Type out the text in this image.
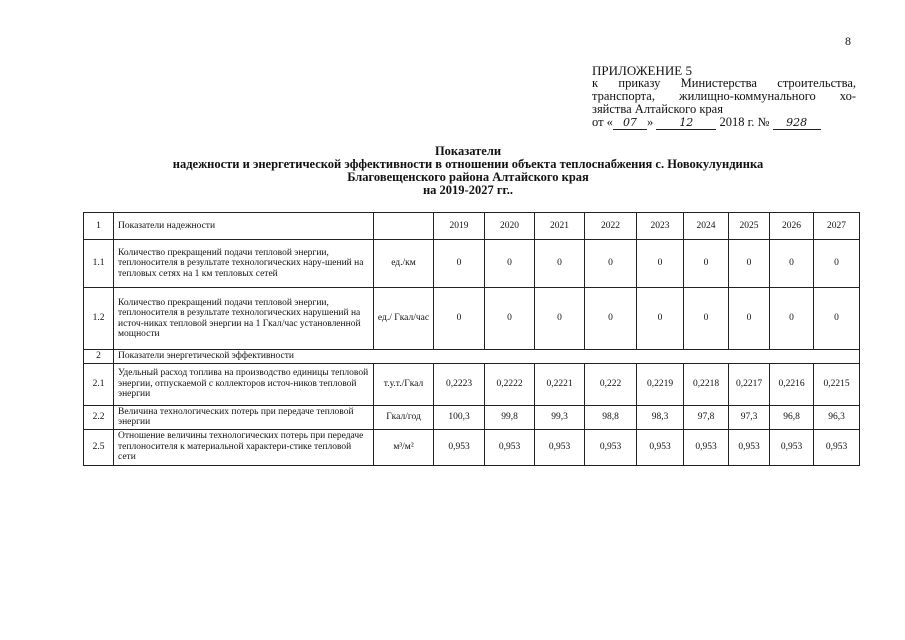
8
ПРИЛОЖЕНИЕ 5
к приказу Министерства строительства,
транспорта, жилищно-коммунального хо-
зяйства Алтайского края
от « 07 » 12 2018 г. № 928
Показатели
надежности и энергетической эффективности в отношении объекта теплоснабжения с. Новокулундинка
Благовещенского района Алтайского края
на 2019-2027 гг..
1	Показатели надежности		2019	2020	2021	2022	2023	2024	2025	2026	2027
1.1	Количество прекращений подачи тепловой энергии, теплоносителя в результате технологических нару-шений на тепловых сетях на 1 км тепловых сетей	ед./км	0	0	0	0	0	0	0	0	0
1.2	Количество прекращений подачи тепловой энергии, теплоносителя в результате технологических нарушений на источ-никах тепловой энергии на 1 Гкал/час установленной мощности	ед./ Гкал/час	0	0	0	0	0	0	0	0	0
2	Показатели энергетической эффективности										
2.1	Удельный расход топлива на производство единицы тепловой энергии, отпускаемой с коллекторов источ-ников тепловой энергии	т.у.т./Гкал	0,2223	0,2222	0,2221	0,222	0,2219	0,2218	0,2217	0,2216	0,2215
2.2	Величина технологических потерь при передаче тепловой энергии	Гкал/год	100,3	99,8	99,3	98,8	98,3	97,8	97,3	96,8	96,3
2.5	Отношение величины технологических потерь при передаче теплоносителя к материальной характери-стике тепловой сети	м³/м²	0,953	0,953	0,953	0,953	0,953	0,953	0,953	0,953	0,953
